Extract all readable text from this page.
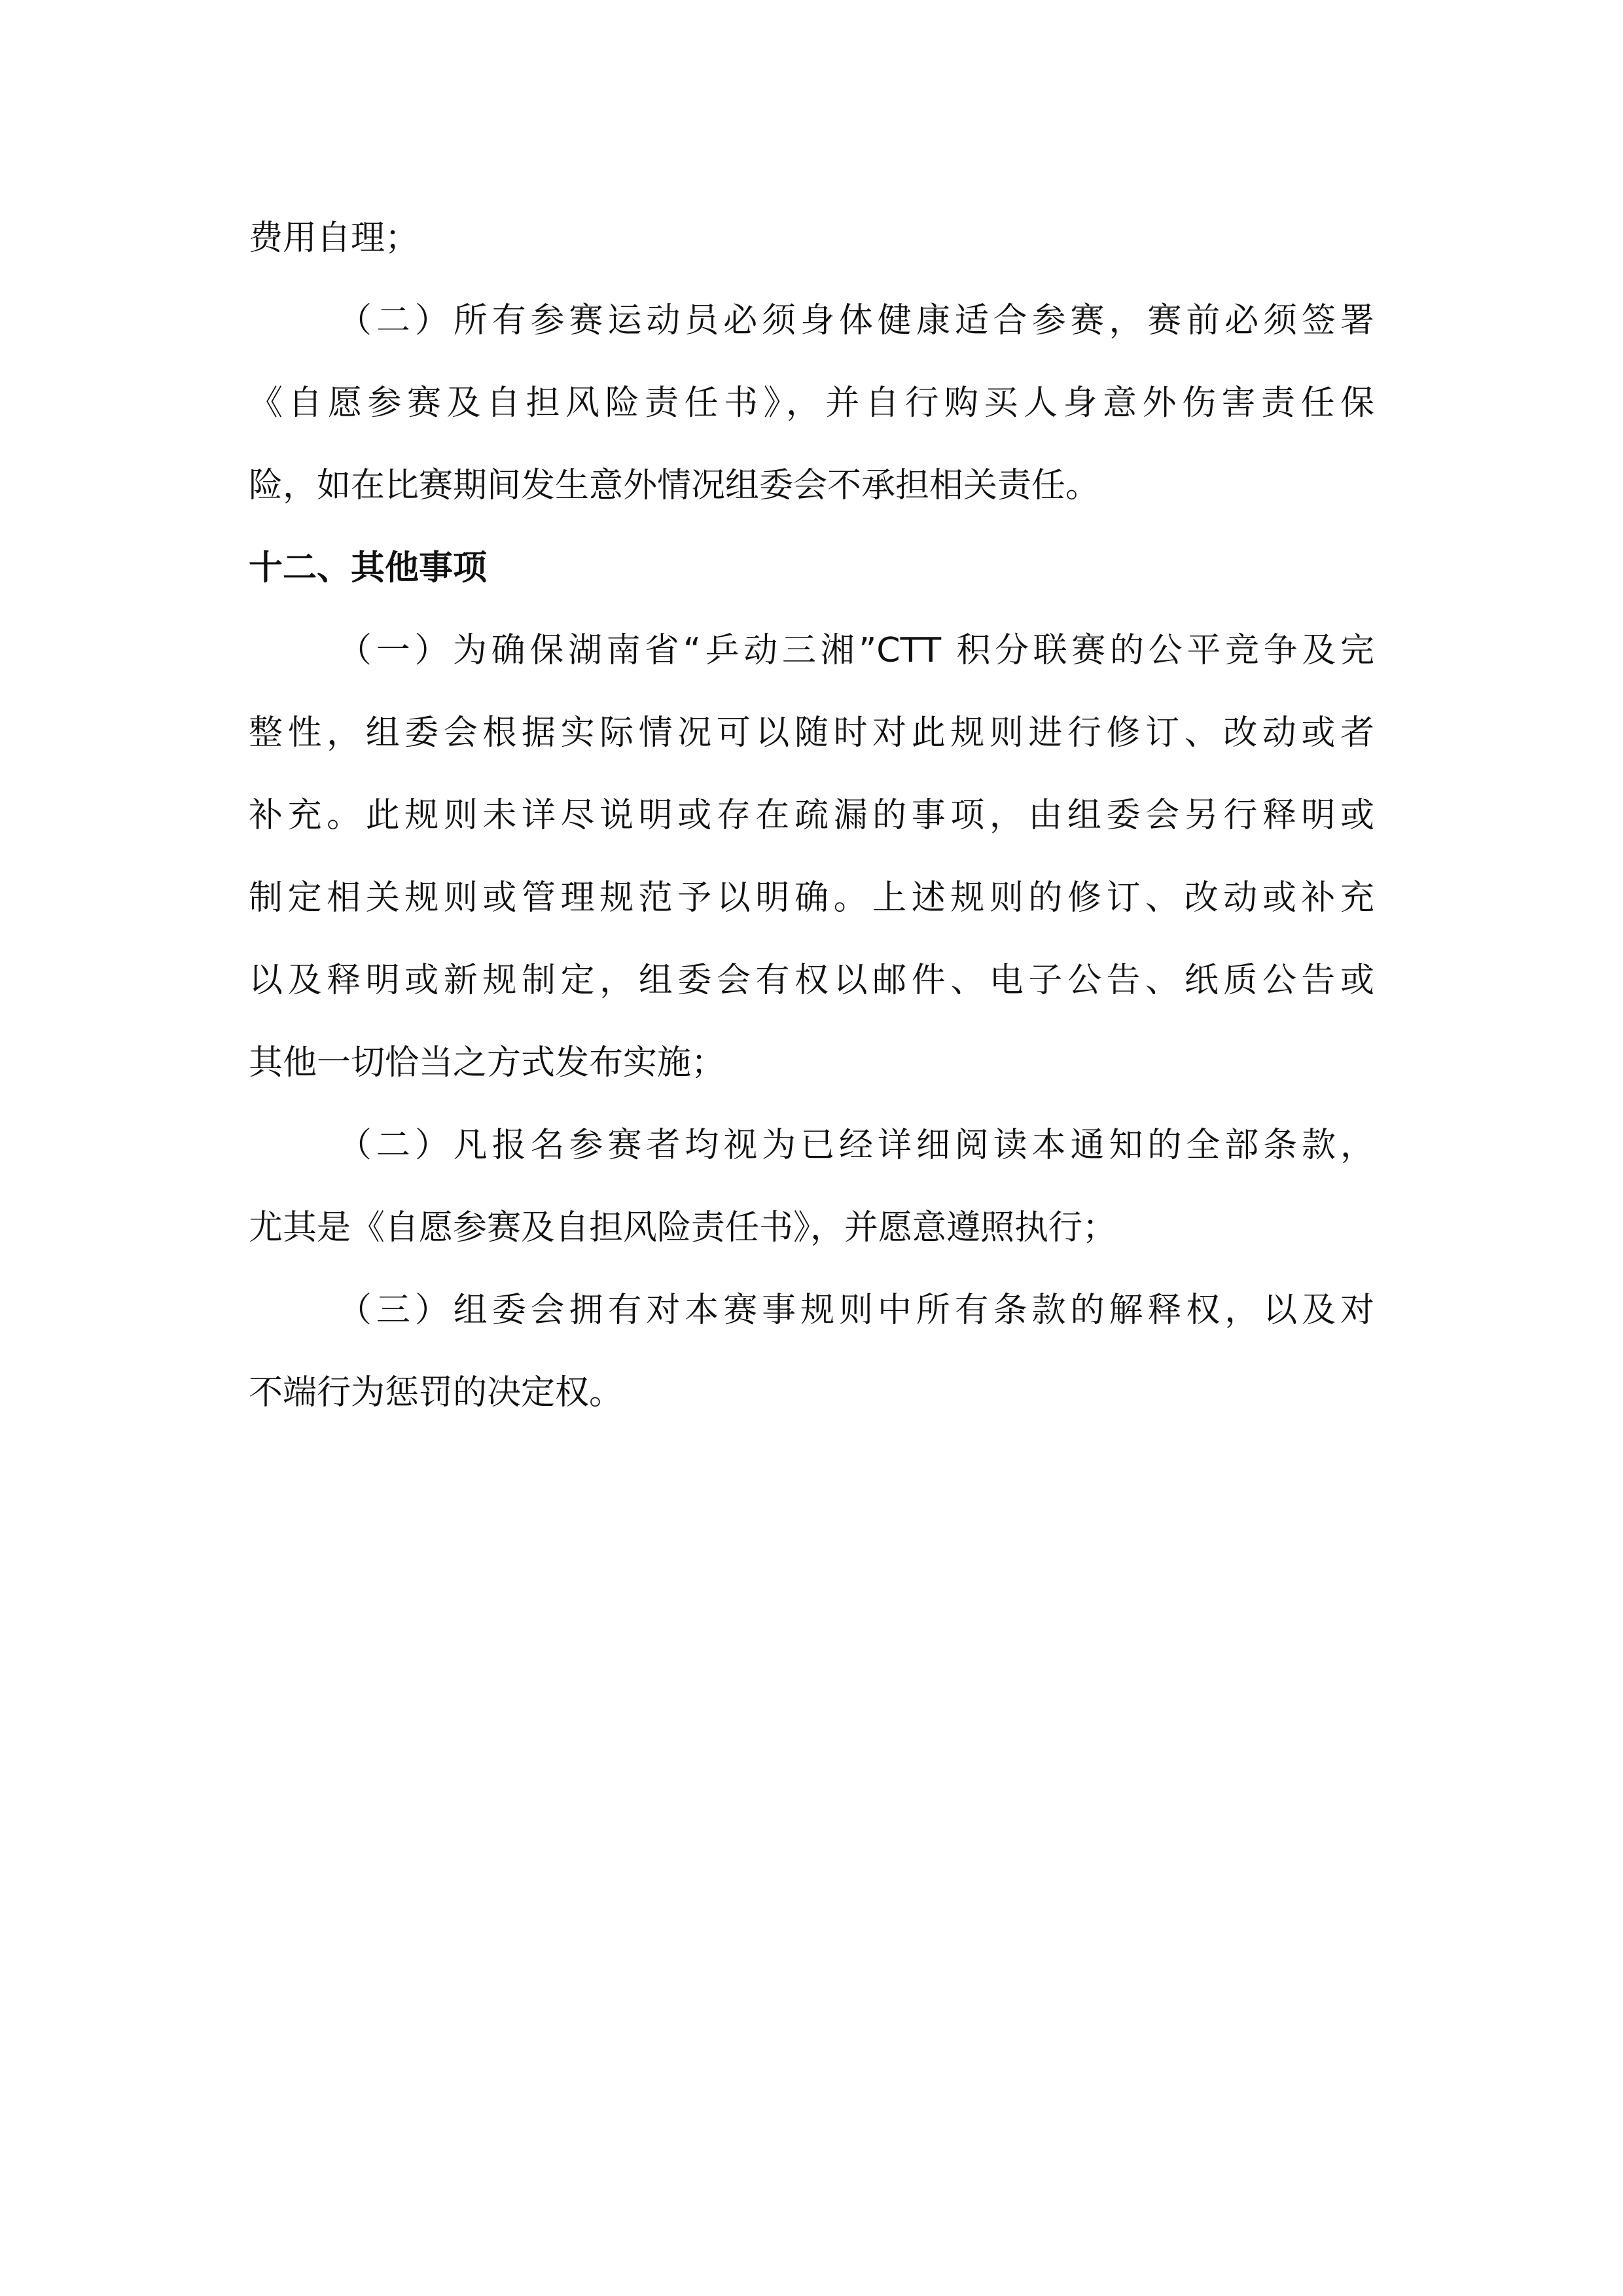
费用自理；
（二）所有参赛运动员必须身体健康适合参赛，赛前必须签署
《自愿参赛及自担风险责任书》，并自行购买人身意外伤害责任保
险，如在比赛期间发生意外情况组委会不承担相关责任。
十二、其他事项
（一）为确保湖南省“乒动三湘”CTT 积分联赛的公平竞争及完
整性，组委会根据实际情况可以随时对此规则进行修订、改动或者
补充。此规则未详尽说明或存在疏漏的事项，由组委会另行释明或
制定相关规则或管理规范予以明确。上述规则的修订、改动或补充
以及释明或新规制定，组委会有权以邮件、电子公告、纸质公告或
其他一切恰当之方式发布实施；
（二）凡报名参赛者均视为已经详细阅读本通知的全部条款，
尤其是《自愿参赛及自担风险责任书》，并愿意遵照执行；
（三）组委会拥有对本赛事规则中所有条款的解释权，以及对
不端行为惩罚的决定权。
